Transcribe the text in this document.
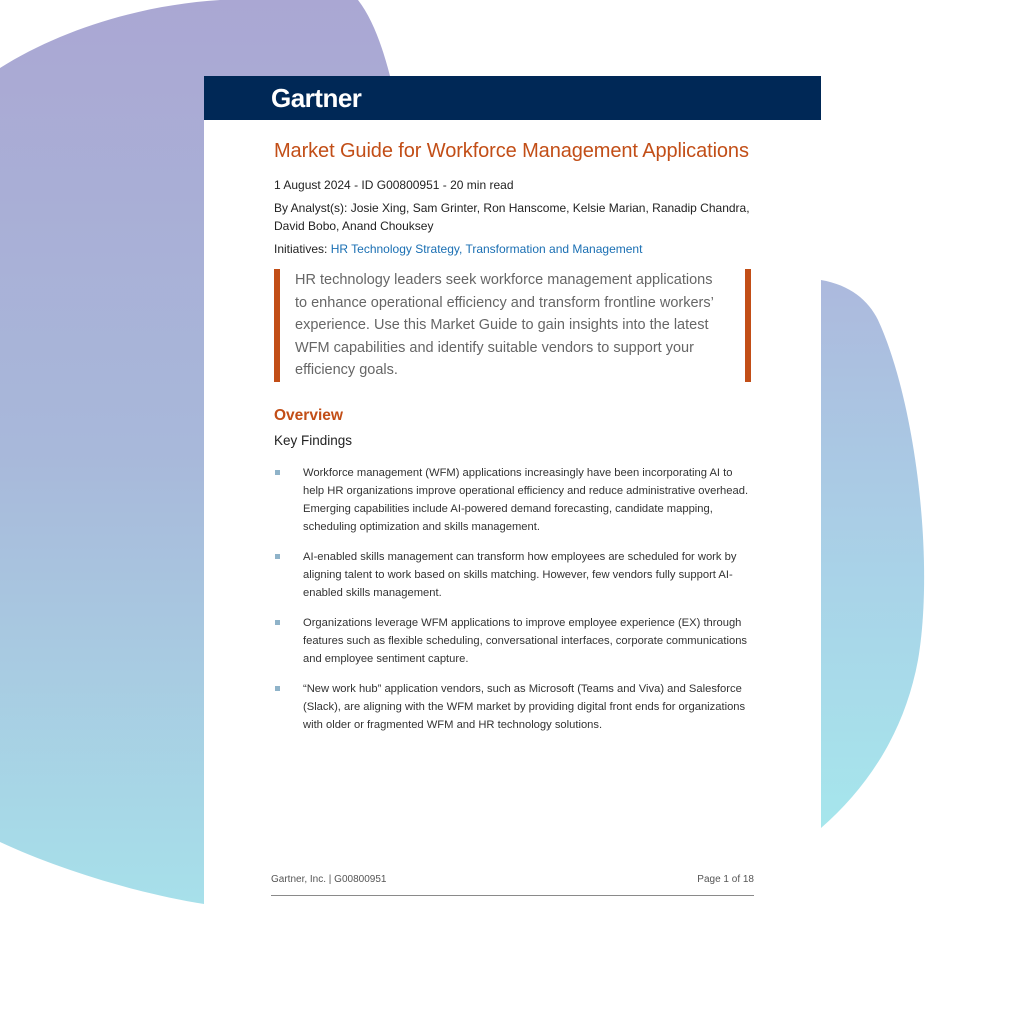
Gartner
Market Guide for Workforce Management Applications

1 August 2024 - ID G00800951 - 20 min read

By Analyst(s): Josie Xing, Sam Grinter, Ron Hanscome, Kelsie Marian, Ranadip Chandra, David Bobo, Anand Chouksey

Initiatives: HR Technology Strategy, Transformation and Management

HR technology leaders seek workforce management applications to enhance operational efficiency and transform frontline workers’ experience. Use this Market Guide to gain insights into the latest WFM capabilities and identify suitable vendors to support your efficiency goals.

Overview
Key Findings
Workforce management (WFM) applications increasingly have been incorporating AI to help HR organizations improve operational efficiency and reduce administrative overhead. Emerging capabilities include AI-powered demand forecasting, candidate mapping, scheduling optimization and skills management.
AI-enabled skills management can transform how employees are scheduled for work by aligning talent to work based on skills matching. However, few vendors fully support AI-enabled skills management.
Organizations leverage WFM applications to improve employee experience (EX) through features such as flexible scheduling, conversational interfaces, corporate communications and employee sentiment capture.
“New work hub” application vendors, such as Microsoft (Teams and Viva) and Salesforce (Slack), are aligning with the WFM market by providing digital front ends for organizations with older or fragmented WFM and HR technology solutions.
Gartner, Inc. | G00800951	Page 1 of 18
